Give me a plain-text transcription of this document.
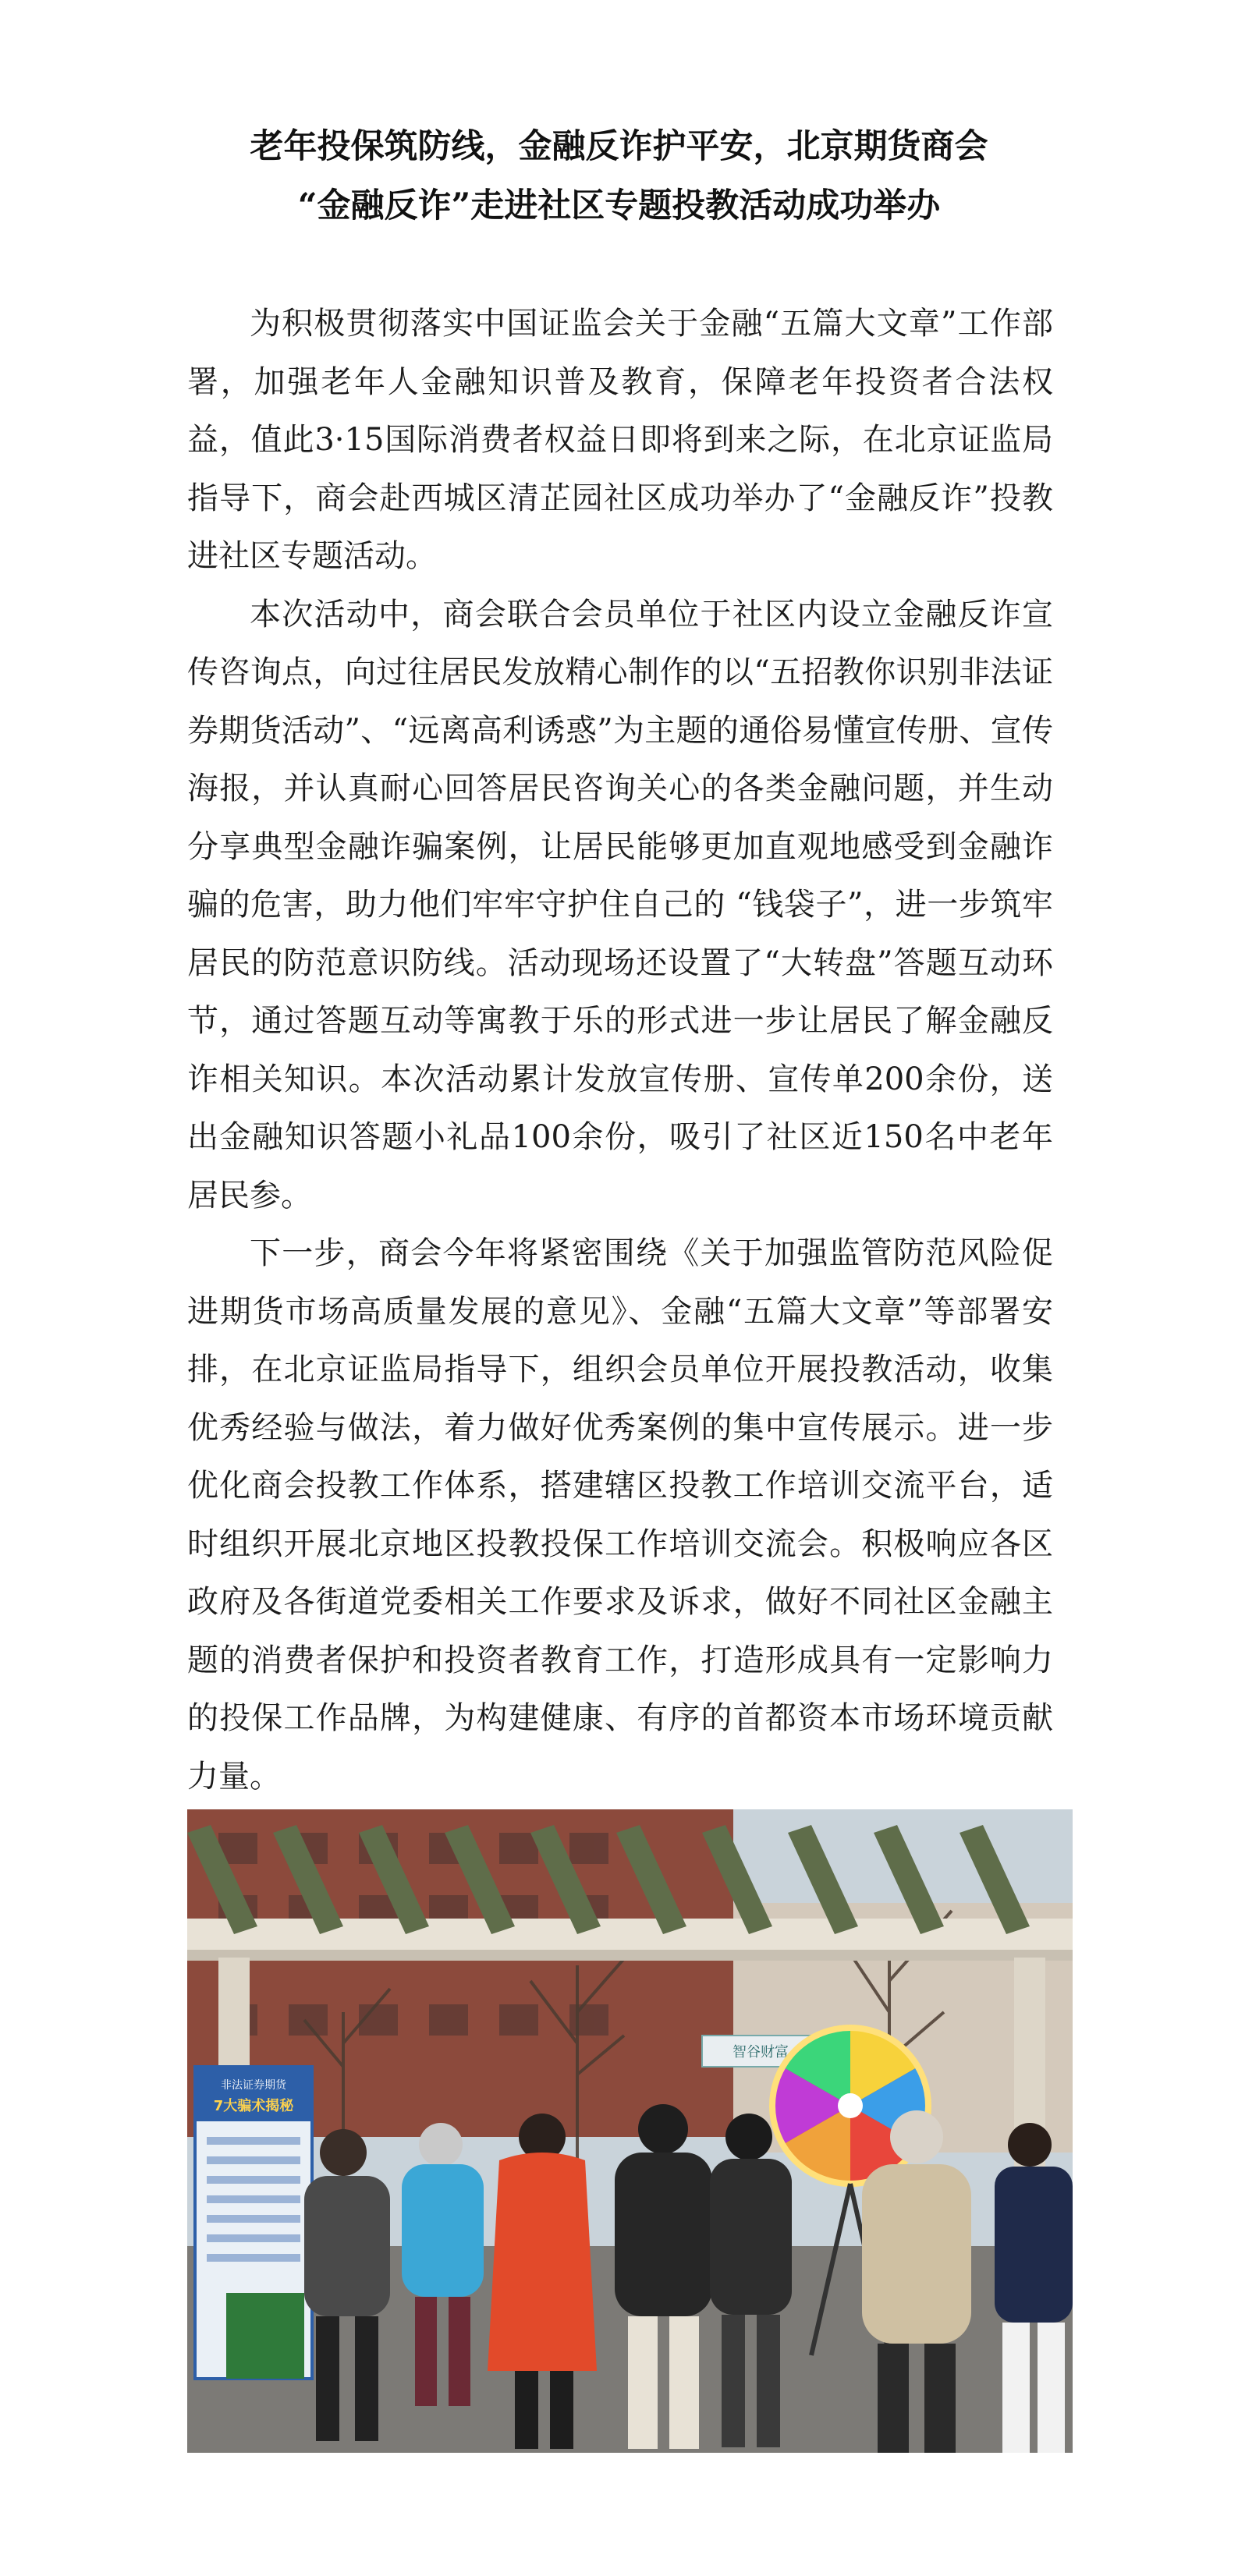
老年投保筑防线，金融反诈护平安，北京期货商会
“金融反诈”走进社区专题投教活动成功举办

为积极贯彻落实中国证监会关于金融“五篇大文章”工作部署，加强老年人金融知识普及教育，保障老年投资者合法权益，值此3·15国际消费者权益日即将到来之际，在北京证监局指导下，商会赴西城区清芷园社区成功举办了“金融反诈”投教进社区专题活动。

本次活动中，商会联合会员单位于社区内设立金融反诈宣传咨询点，向过往居民发放精心制作的以“五招教你识别非法证券期货活动”、“远离高利诱惑”为主题的通俗易懂宣传册、宣传海报，并认真耐心回答居民咨询关心的各类金融问题，并生动分享典型金融诈骗案例，让居民能够更加直观地感受到金融诈骗的危害，助力他们牢牢守护住自己的 “钱袋子”，进一步筑牢居民的防范意识防线。活动现场还设置了“大转盘”答题互动环节，通过答题互动等寓教于乐的形式进一步让居民了解金融反诈相关知识。本次活动累计发放宣传册、宣传单200余份，送出金融知识答题小礼品100余份，吸引了社区近150名中老年居民参。

下一步，商会今年将紧密围绕《关于加强监管防范风险促进期货市场高质量发展的意见》、金融“五篇大文章”等部署安排，在北京证监局指导下，组织会员单位开展投教活动，收集优秀经验与做法，着力做好优秀案例的集中宣传展示。进一步优化商会投教工作体系，搭建辖区投教工作培训交流平台，适时组织开展北京地区投教投保工作培训交流会。积极响应各区政府及各街道党委相关工作要求及诉求，做好不同社区金融主题的消费者保护和投资者教育工作，打造形成具有一定影响力的投保工作品牌，为构建健康、有序的首都资本市场环境贡献力量。

非法证券期货
7大骗术揭秘
智谷财富
